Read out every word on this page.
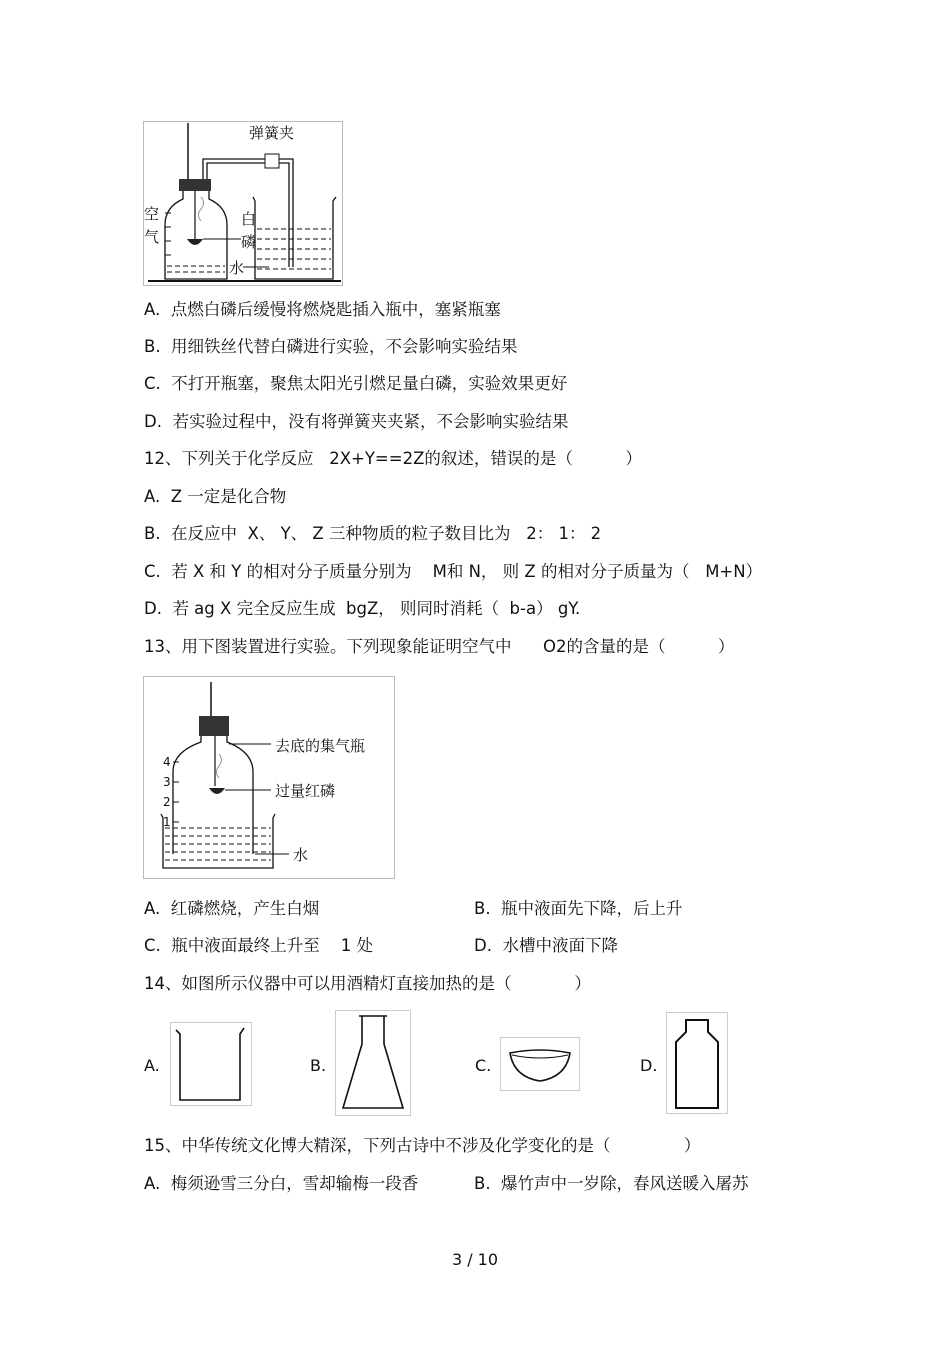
弹簧夹
空
气
白
磷
水
A.  点燃白磷后缓慢将燃烧匙插入瓶中，塞紧瓶塞
B.  用细铁丝代替白磷进行实验，不会影响实验结果
C.  不打开瓶塞，聚焦太阳光引燃足量白磷，实验效果更好
D.  若实验过程中，没有将弹簧夹夹紧，不会影响实验结果
12、下列关于化学反应   2X+Y==2Z的叙述，错误的是（          ）
A.  Z 一定是化合物
B.  在反应中  X、 Y、 Z 三种物质的粒子数目比为   2： 1： 2
C.  若 X 和 Y 的相对分子质量分别为    M和 N， 则 Z 的相对分子质量为（   M+N）
D.  若 ag X 完全反应生成  bgZ， 则同时消耗（  b-a） gY.
13、用下图装置进行实验。下列现象能证明空气中      O2的含量的是（          ）
4
3
2
1
去底的集气瓶
过量红磷
水
A.  红磷燃烧，产生白烟	B.  瓶中液面先下降，后上升
C.  瓶中液面最终上升至    1 处	D.  水槽中液面下降
14、如图所示仪器中可以用酒精灯直接加热的是（            ）
A.	B.	C.	D.
15、中华传统文化博大精深，下列古诗中不涉及化学变化的是（              ）
A.  梅须逊雪三分白，雪却输梅一段香	B.  爆竹声中一岁除，春风送暖入屠苏
3 / 10
